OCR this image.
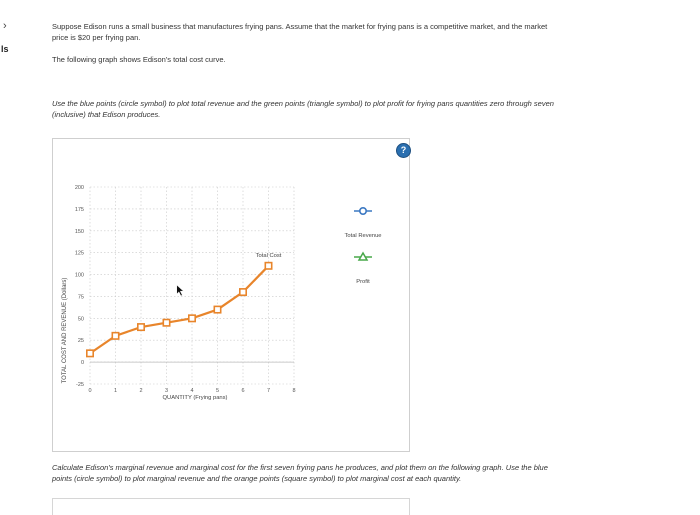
›
ls
Suppose Edison runs a small business that manufactures frying pans. Assume that the market for frying pans is a competitive market, and the market
price is $20 per frying pan.
The following graph shows Edison's total cost curve.
Use the blue points (circle symbol) to plot total revenue and the green points (triangle symbol) to plot profit for frying pans quantities zero through seven
(inclusive) that Edison produces.
200
175
150
125
100
75
50
25
0
-25
0	1	2	3	4	5	6	7	8
QUANTITY (Frying pans)
TOTAL COST AND REVENUE (Dollars)
Total Cost
Total Revenue
Profit
?
Calculate Edison's marginal revenue and marginal cost for the first seven frying pans he produces, and plot them on the following graph. Use the blue
points (circle symbol) to plot marginal revenue and the orange points (square symbol) to plot marginal cost at each quantity.
